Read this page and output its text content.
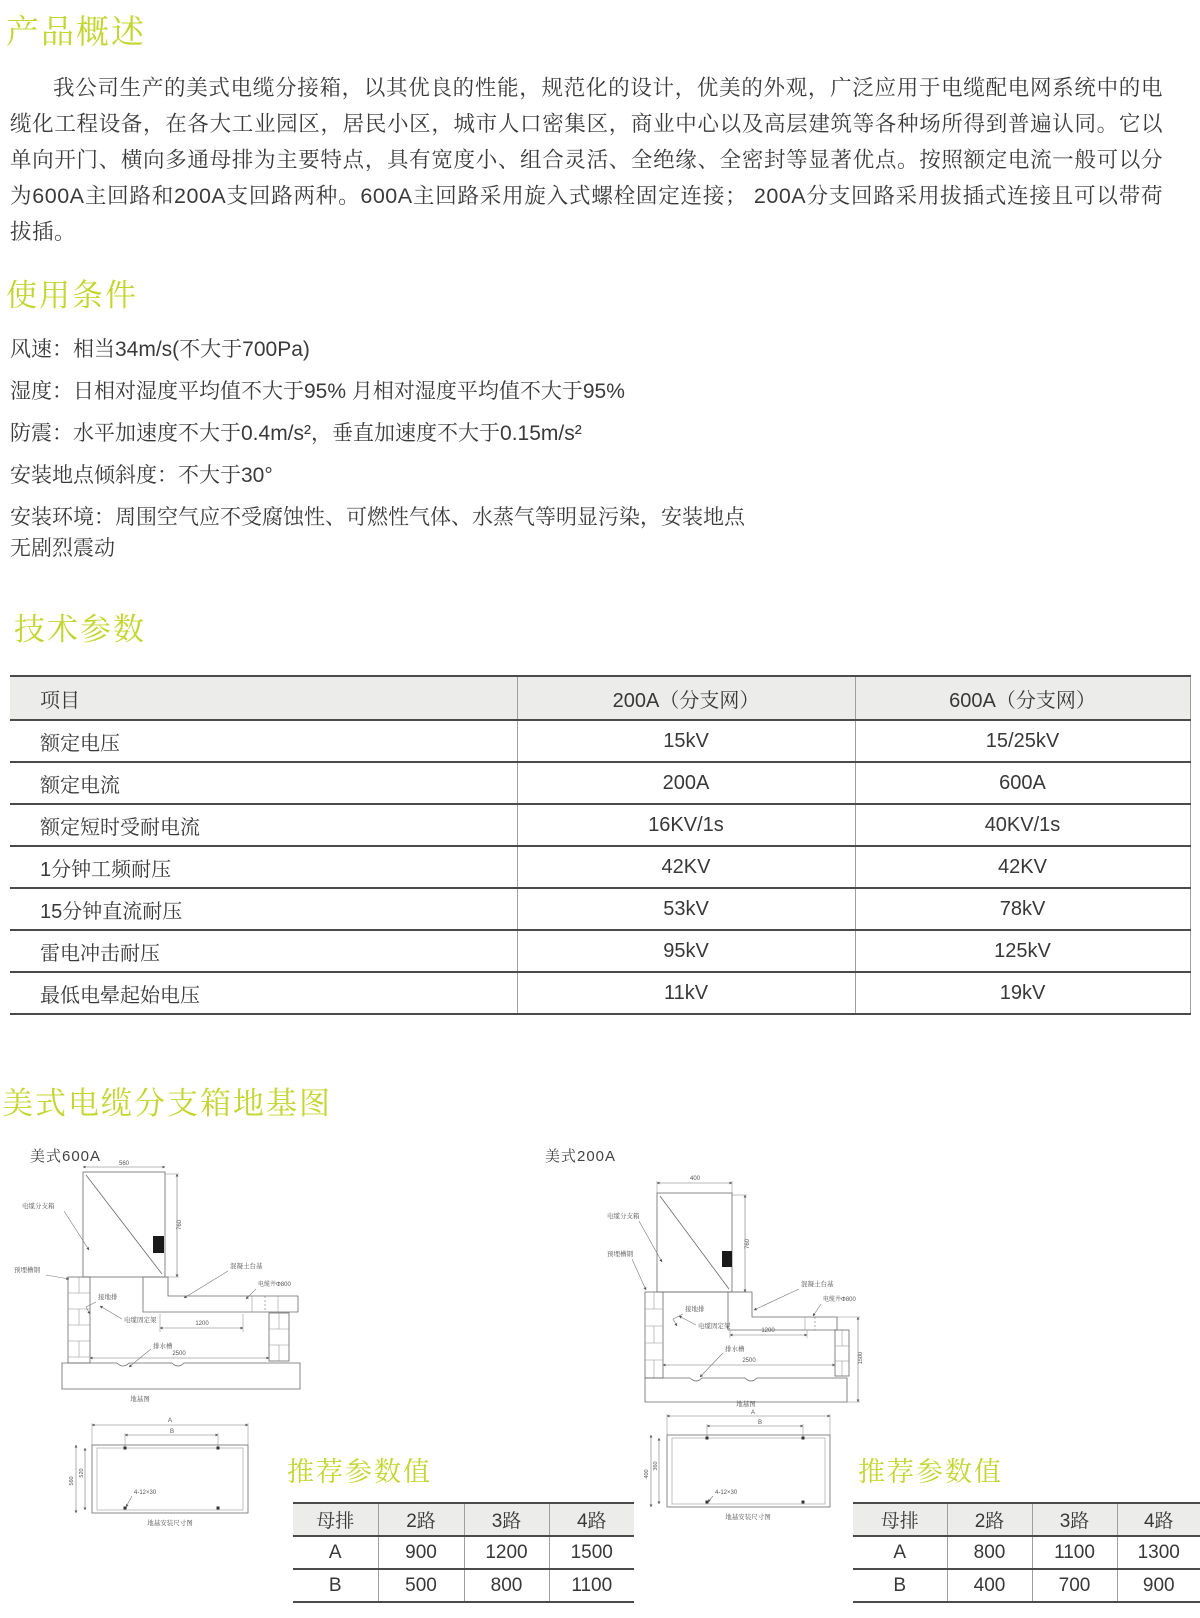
产品概述
我公司生产的美式电缆分接箱，以其优良的性能，规范化的设计，优美的外观，广泛应用于电缆配电网系统中的电缆化工程设备，在各大工业园区，居民小区，城市人口密集区，商业中心以及高层建筑等各种场所得到普遍认同。它以单向开门、横向多通母排为主要特点，具有宽度小、组合灵活、全绝缘、全密封等显著优点。按照额定电流一般可以分为600A主回路和200A支回路两种。600A主回路采用旋入式螺栓固定连接； 200A分支回路采用拔插式连接且可以带荷拔插。
使用条件
风速：相当34m/s(不大于700Pa)
湿度：日相对湿度平均值不大于95% 月相对湿度平均值不大于95%
防震：水平加速度不大于0.4m/s²，垂直加速度不大于0.15m/s²
安装地点倾斜度：不大于30°
安装环境：周围空气应不受腐蚀性、可燃性气体、水蒸气等明显污染，安装地点无剧烈震动
技术参数
项目	200A（分支网）	600A（分支网）
额定电压	15kV	15/25kV
额定电流	200A	600A
额定短时受耐电流	16KV/1s	40KV/1s
1分钟工频耐压	42KV	42KV
15分钟直流耐压	53kV	78kV
雷电冲击耐压	95kV	125kV
最低电晕起始电压	11kV	19kV
美式电缆分支箱地基图
美式600A	560
760
1200
2500
电缆分支箱
预埋槽钢
接地排
电缆固定架
混凝土台基
电缆井Φ800
排水槽
地基图
A
B
560
520
4-12×30
地基安装尺寸图
美式200A
400
760
1500
1200
2500
电缆分支箱
预埋槽钢
接地排
电缆固定架
混凝土台基
电缆井Φ800
排水槽
地基图
A
B
400
360
4-12×30
地基安装尺寸图
推荐参数值
母排	2路	3路	4路
A	900	1200	1500
B	500	800	1100
推荐参数值
母排	2路	3路	4路
A	800	1100	1300
B	400	700	900
